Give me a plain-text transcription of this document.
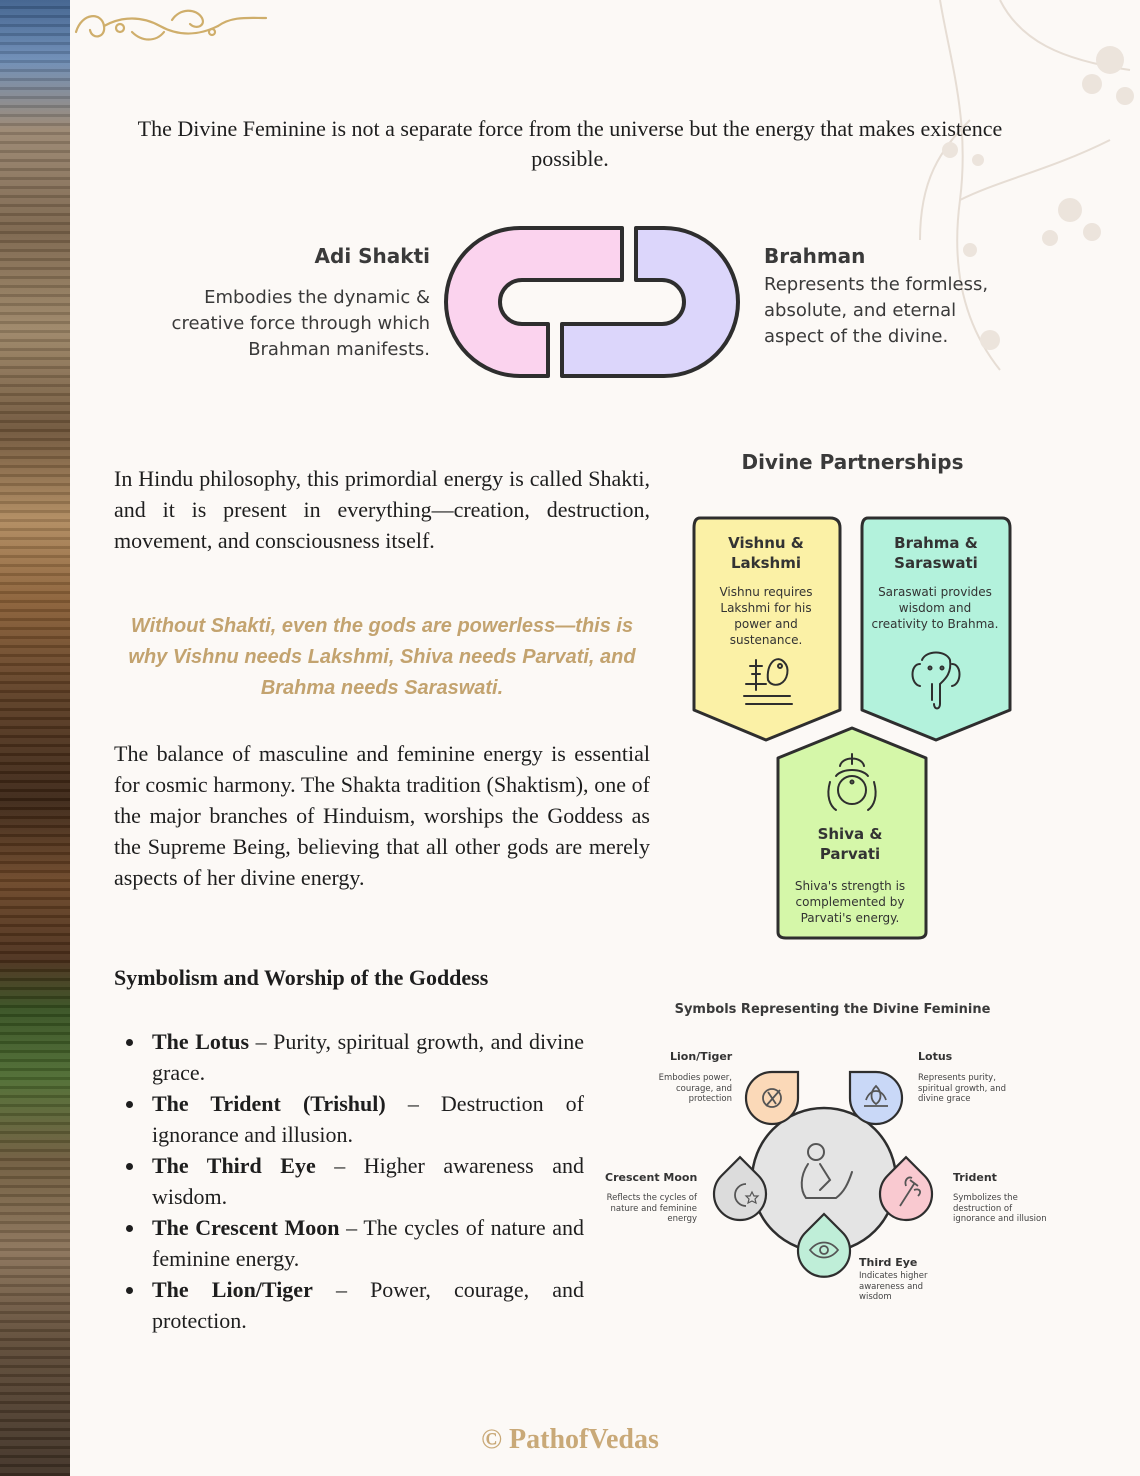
The Divine Feminine is not a separate force from the universe but the energy that makes existence possible.
Adi Shakti
Embodies the dynamic & creative force through which Brahman manifests.
Brahman
Represents the formless, absolute, and eternal aspect of the divine.
In Hindu philosophy, this primordial energy is called Shakti, and it is present in everything—creation, destruction, movement, and consciousness itself.
Without Shakti, even the gods are powerless—this is why Vishnu needs Lakshmi, Shiva needs Parvati, and Brahma needs Saraswati.
The balance of masculine and feminine energy is essential for cosmic harmony. The Shakta tradition (Shaktism), one of the major branches of Hinduism, worships the Goddess as the Supreme Being, believing that all other gods are merely aspects of her divine energy.
Symbolism and Worship of the Goddess
The Lotus – Purity, spiritual growth, and divine grace.
The Trident (Trishul) – Destruction of ignorance and illusion.
The Third Eye – Higher awareness and wisdom.
The Crescent Moon – The cycles of nature and feminine energy.
The Lion/Tiger – Power, courage, and protection.
Divine Partnerships
Vishnu & Lakshmi
Vishnu requires Lakshmi for his power and sustenance.
Brahma & Saraswati
Saraswati provides wisdom and creativity to Brahma.
Shiva & Parvati
Shiva's strength is complemented by Parvati's energy.
Symbols Representing the Divine Feminine
Lion/Tiger
Embodies power, courage, and protection
Lotus
Represents purity, spiritual growth, and divine grace
Crescent Moon
Reflects the cycles of nature and feminine energy
Trident
Symbolizes the destruction of ignorance and illusion
Third Eye
Indicates higher awareness and wisdom
© PathofVedas
